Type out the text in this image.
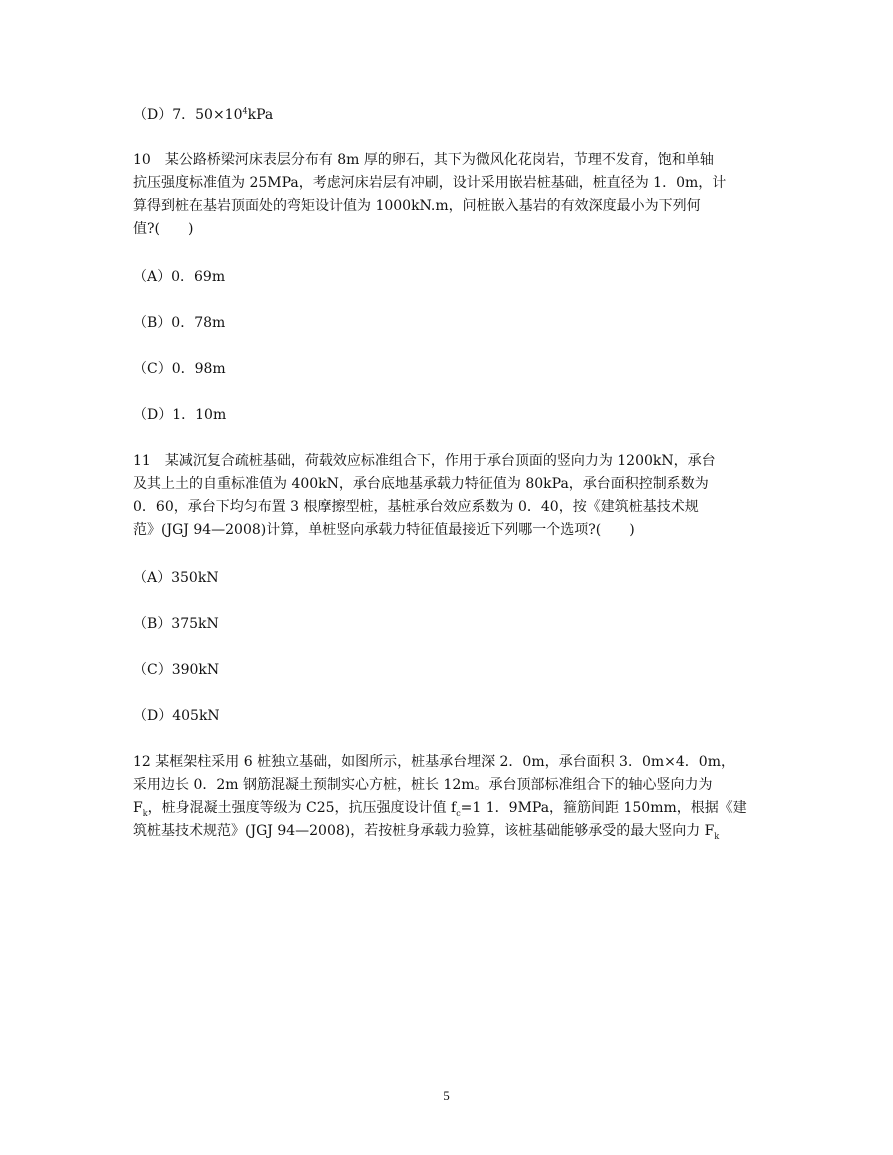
（D）7．$50\times 10^4kPa$
10　某公路桥梁河床表层分布有 8m 厚的卵石，其下为微风化花岗岩，节理不发育，饱和单轴
抗压强度标准值为 25MPa，考虑河床岩层有冲刷，设计采用嵌岩桩基础，桩直径为 1．0m，计
算得到桩在基岩顶面处的弯矩设计值为 1000kN.m，问桩嵌入基岩的有效深度最小为下列何
值?(　　)
（A）0．69m
（B）0．78m
（C）0．98m
（D）1．10m
11　某减沉复合疏桩基础，荷载效应标准组合下，作用于承台顶面的竖向力为 1200kN，承台
及其上土的自重标准值为 400kN，承台底地基承载力特征值为 80kPa，承台面积控制系数为
0．60，承台下均匀布置 3 根摩擦型桩，基桩承台效应系数为 0．40，按《建筑桩基技术规
范》(JGJ 94—2008)计算，单桩竖向承载力特征值最接近下列哪一个选项?(　　)
（A）350kN
（B）375kN
（C）390kN
（D）405kN
12 某框架柱采用 6 桩独立基础，如图所示，桩基承台埋深 2．0m，承台面积 3．0m×4．0m，
采用边长 0．2m 钢筋混凝土预制实心方桩，桩长 12m。承台顶部标准组合下的轴心竖向力为
$F_k$，桩身混凝土强度等级为 C25，抗压强度设计值 $f_c=1$ 1．9MPa，箍筋间距 150mm，根据《建
筑桩基技术规范》(JGJ 94—2008)，若按桩身承载力验算，该桩基础能够承受的最大竖向力 $F_k$
5
